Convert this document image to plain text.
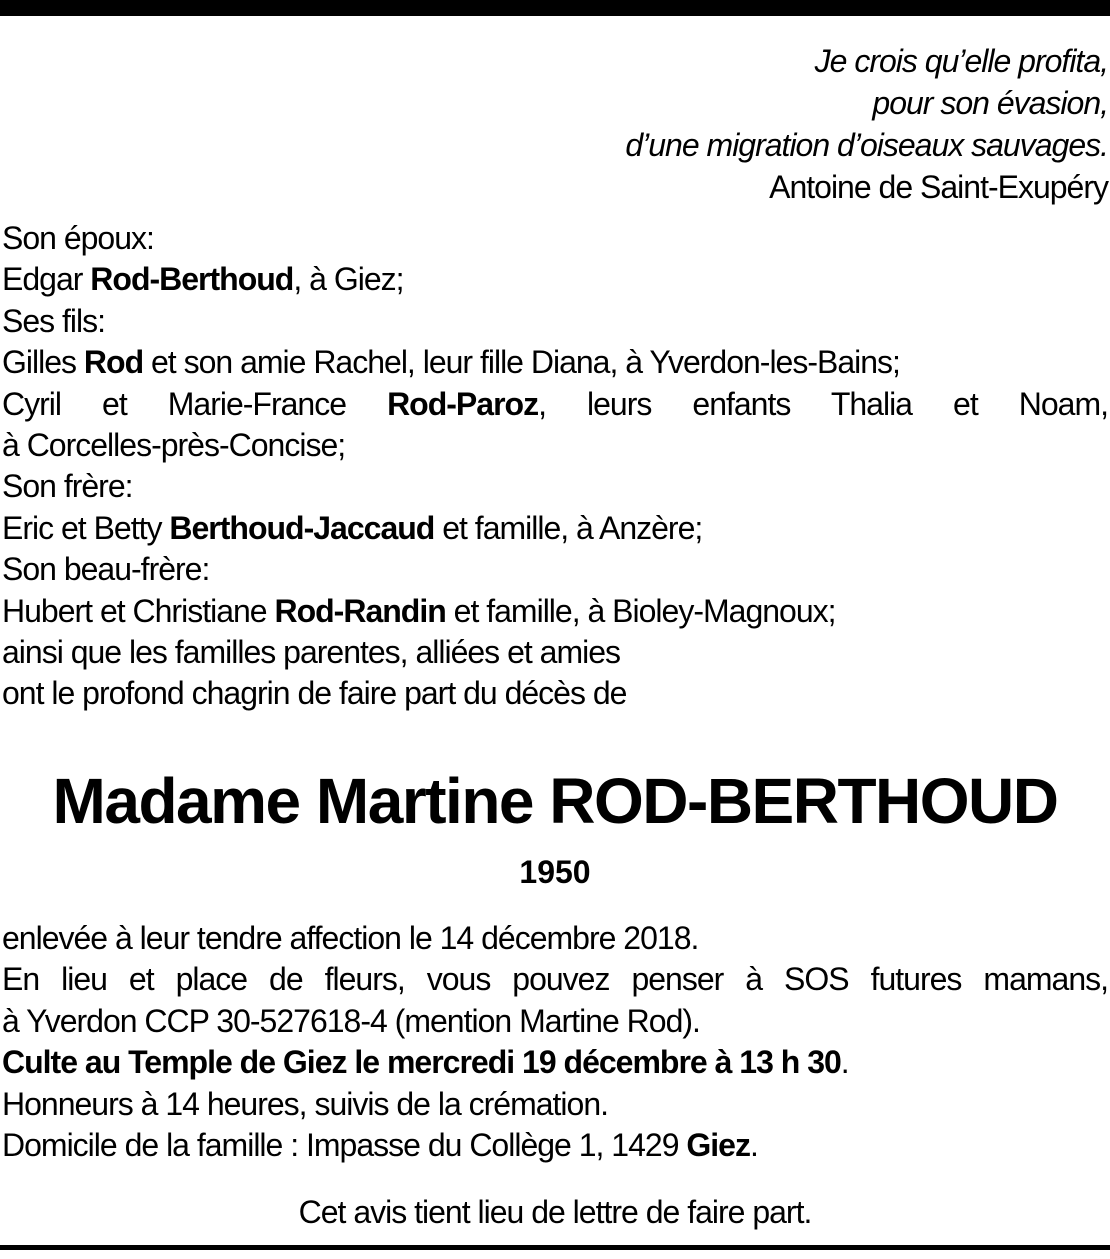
Je crois qu’elle profita,
pour son évasion,
d’une migration d’oiseaux sauvages.
Antoine de Saint-Exupéry
Son époux:
Edgar Rod-Berthoud, à Giez;
Ses fils:
Gilles Rod et son amie Rachel, leur fille Diana, à Yverdon-les-Bains;
Cyril et Marie-France Rod-Paroz, leurs enfants Thalia et Noam,
à Corcelles-près-Concise;
Son frère:
Eric et Betty Berthoud-Jaccaud et famille, à Anzère;
Son beau-frère:
Hubert et Christiane Rod-Randin et famille, à Bioley-Magnoux;
ainsi que les familles parentes, alliées et amies
ont le profond chagrin de faire part du décès de
Madame Martine ROD-BERTHOUD
1950
enlevée à leur tendre affection le 14 décembre 2018.
En lieu et place de fleurs, vous pouvez penser à SOS futures mamans,
à Yverdon CCP 30-527618-4 (mention Martine Rod).
Culte au Temple de Giez le mercredi 19 décembre à 13 h 30.
Honneurs à 14 heures, suivis de la crémation.
Domicile de la famille : Impasse du Collège 1, 1429 Giez.
Cet avis tient lieu de lettre de faire part.
